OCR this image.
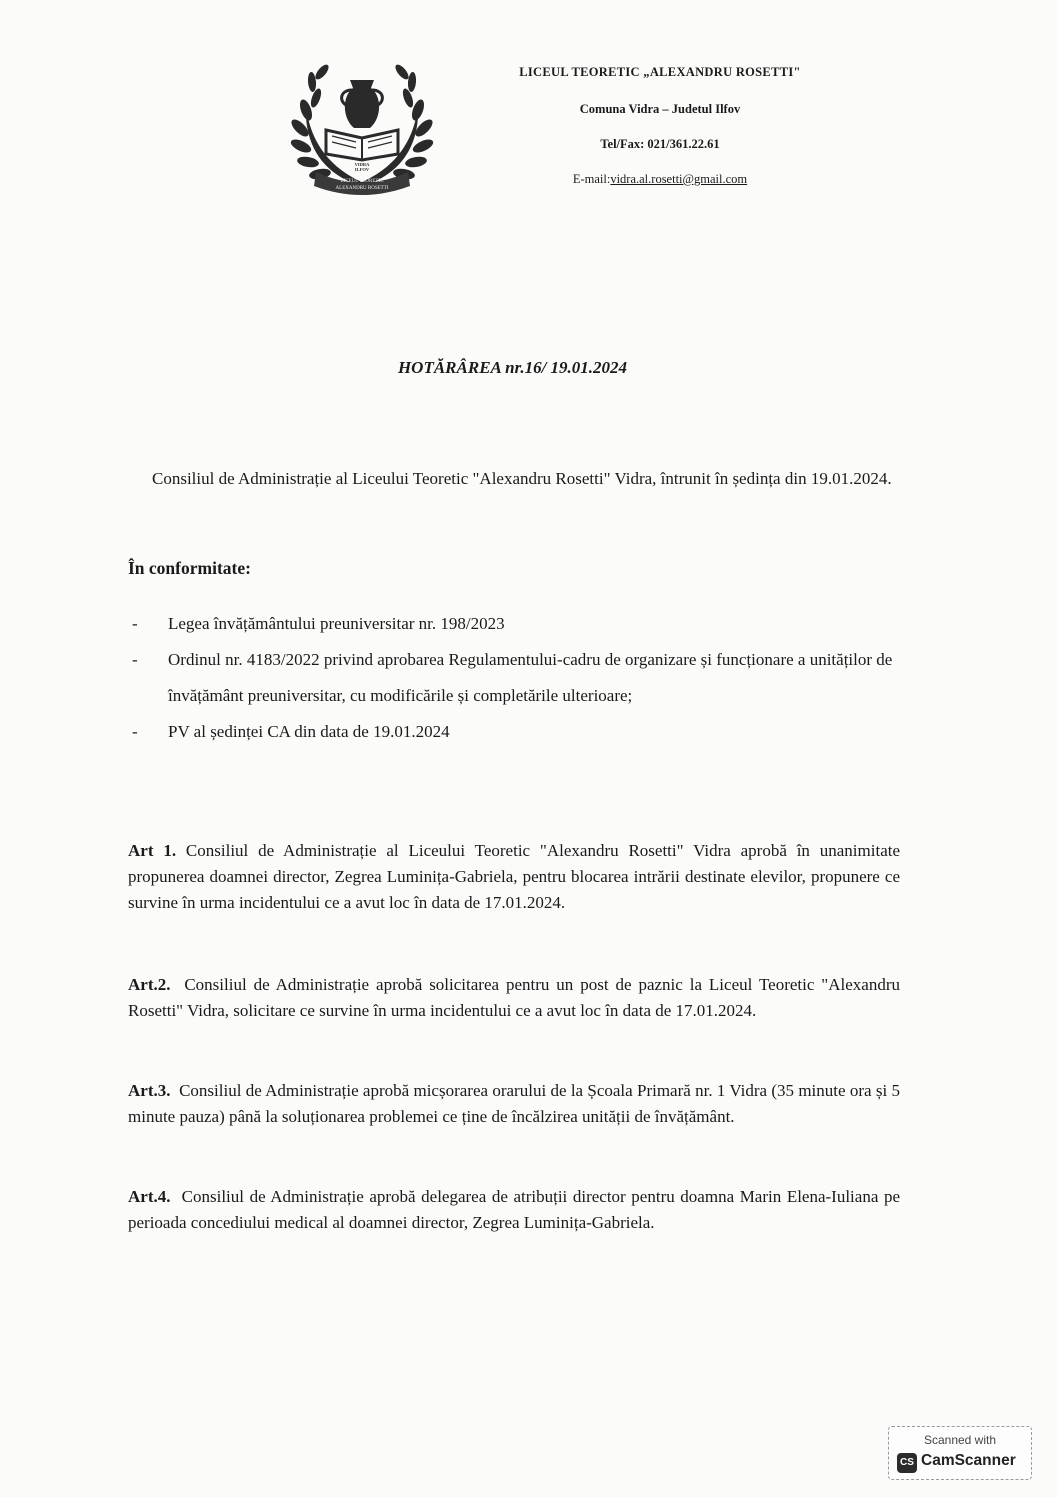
VIDRA
ILFOV
LICEUL TEORETIC
ALEXANDRU ROSETTI
LICEUL TEORETIC „ALEXANDRU ROSETTI"
Comuna Vidra – Judetul Ilfov
Tel/Fax: 021/361.22.61
E-mail:vidra.al.rosetti@gmail.com
HOTĂRÂREA nr.16/ 19.01.2024
Consiliul de Administrație al Liceului Teoretic "Alexandru Rosetti" Vidra, întrunit în ședința din 19.01.2024.
În conformitate:
- Legea învățământului preuniversitar nr. 198/2023
- Ordinul nr. 4183/2022 privind aprobarea Regulamentului-cadru de organizare și funcționare a unităților de învățământ preuniversitar, cu modificările și completările ulterioare;
- PV al ședinței CA din data de 19.01.2024
Art 1. Consiliul de Administrație al Liceului Teoretic "Alexandru Rosetti" Vidra aprobă în unanimitate propunerea doamnei director, Zegrea Luminița-Gabriela, pentru blocarea intrării destinate elevilor, propunere ce survine în urma incidentului ce a avut loc în data de 17.01.2024.
Art.2. Consiliul de Administrație aprobă solicitarea pentru un post de paznic la Liceul Teoretic "Alexandru Rosetti" Vidra, solicitare ce survine în urma incidentului ce a avut loc în data de 17.01.2024.
Art.3. Consiliul de Administrație aprobă micșorarea orarului de la Școala Primară nr. 1 Vidra (35 minute ora și 5 minute pauza) până la soluționarea problemei ce ține de încălzirea unității de învățământ.
Art.4. Consiliul de Administrație aprobă delegarea de atribuții director pentru doamna Marin Elena-Iuliana pe perioada concediului medical al doamnei director, Zegrea Luminița-Gabriela.
Scanned with
CS CamScanner
